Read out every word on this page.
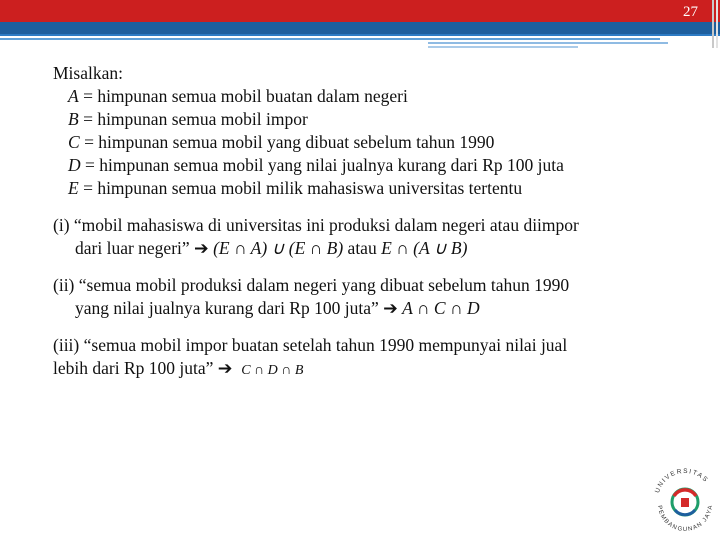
27
Misalkan:
A = himpunan semua mobil buatan dalam negeri
B = himpunan semua mobil impor
C = himpunan semua mobil yang dibuat sebelum tahun 1990
D = himpunan semua mobil yang nilai jualnya kurang dari Rp 100 juta
E = himpunan semua mobil milik mahasiswa universitas tertentu
(i) “mobil mahasiswa di universitas ini produksi dalam negeri atau diimpor
dari luar negeri” ➔ (E ∩ A) ∪ (E ∩ B) atau E ∩ (A ∪ B)
(ii) “semua mobil produksi dalam negeri yang dibuat sebelum tahun 1990
yang nilai jualnya kurang dari Rp 100 juta” ➔ A ∩ C ∩ D
(iii) “semua mobil impor buatan setelah tahun 1990 mempunyai nilai jual
lebih dari Rp 100 juta” ➔ C ∩ D ∩ B
UNIVERSITAS
PEMBANGUNAN JAYA
